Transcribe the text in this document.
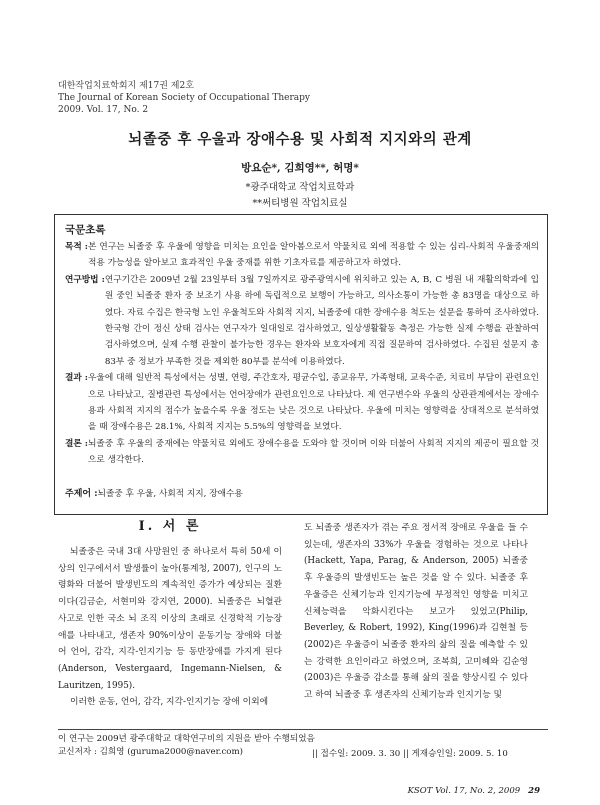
대한작업치료학회지 제17권 제2호
The Journal of Korean Society of Occupational Therapy
2009. Vol. 17, No. 2
뇌졸중 후 우울과 장애수용 및 사회적 지지와의 관계
방요순*, 김희영**, 허명*
*광주대학교 작업치료학과
**써티병원 작업치료실
국문초록
목적 : 본 연구는 뇌졸중 후 우울에 영향을 미치는 요인을 알아봄으로서 약물치료 외에 적용할 수 있는 심리-사회적 우울중재의 적용 가능성을 알아보고 효과적인 우울 중재를 위한 기초자료를 제공하고자 하였다.
연구방법 : 연구기간은 2009년 2월 23일부터 3월 7일까지로 광주광역시에 위치하고 있는 A, B, C 병원 내 재활의학과에 입원 중인 뇌졸중 환자 중 보조기 사용 하에 독립적으로 보행이 가능하고, 의사소통이 가능한 총 83명을 대상으로 하였다. 자료 수집은 한국형 노인 우울척도와 사회적 지지, 뇌졸중에 대한 장애수용 척도는 설문을 통하여 조사하였다. 한국형 간이 정신 상태 검사는 연구자가 일대일로 검사하였고, 일상생활활동 측정은 가능한 실제 수행을 관찰하여 검사하였으며, 실제 수행 관찰이 불가능한 경우는 환자와 보호자에게 직접 질문하여 검사하였다. 수집된 설문지 총 83부 중 정보가 부족한 것을 제외한 80부를 분석에 이용하였다.
결과 : 우울에 대해 일반적 특성에서는 성별, 연령, 주간호자, 평균수입, 종교유무, 가족형태, 교육수준, 치료비 부담이 관련요인으로 나타났고, 질병관련 특성에서는 언어장애가 관련요인으로 나타났다. 제 연구변수와 우울의 상관관계에서는 장애수용과 사회적 지지의 점수가 높을수록 우울 정도는 낮은 것으로 나타났다. 우울에 미치는 영향력을 상대적으로 분석하였을 때 장애수용은 28.1%, 사회적 지지는 5.5%의 영향력을 보였다.
결론 : 뇌졸중 후 우울의 중재에는 약물치료 외에도 장애수용을 도와야 할 것이며 이와 더불어 사회적 지지의 제공이 필요할 것으로 생각한다.
주제어 : 뇌졸중 후 우울, 사회적 지지, 장애수용
Ⅰ. 서 론

뇌졸중은 국내 3대 사망원인 중 하나로서 특히 50세 이상의 인구에서서 발생률이 높아(통계청, 2007), 인구의 노령화와 더불어 발생빈도의 계속적인 증가가 예상되는 질환이다(김금순, 서현미와 강지연, 2000). 뇌졸중은 뇌혈관 사고로 인한 국소 뇌 조직 이상의 초래로 신경학적 기능장애를 나타내고, 생존자 90%이상이 운동기능 장애와 더불어 언어, 감각, 지각-인지기능 등 동반장애를 가지게 된다(Anderson, Vestergaard, Ingemann-Nielsen, & Lauritzen, 1995).

이러한 운동, 언어, 감각, 지각-인지기능 장애 이외에

도 뇌졸중 생존자가 겪는 주요 정서적 장애로 우울을 들 수 있는데, 생존자의 33%가 우울을 경험하는 것으로 나타나(Hackett, Yapa, Parag, & Anderson, 2005) 뇌졸중 후 우울증의 발생빈도는 높은 것을 알 수 있다. 뇌졸중 후 우울증은 신체기능과 인지기능에 부정적인 영향을 미치고 신체능력을 악화시킨다는 보고가 있었고(Philip, Beverley, & Robert, 1992), King(1996)과 김현철 등(2002)은 우울증이 뇌졸중 환자의 삶의 질을 예측할 수 있는 강력한 요인이라고 하였으며, 조복희, 고미혜와 김순영(2003)은 우울증 감소를 통해 삶의 질을 향상시킬 수 있다고 하여 뇌졸중 후 생존자의 신체기능과 인지기능 및

이 연구는 2009년 광주대학교 대학연구비의 지원을 받아 수행되었음
교신저자 : 김희영 (guruma2000@naver.com)	|| 접수일: 2009. 3. 30 || 게재승인일: 2009. 5. 10
KSOT Vol. 17, No. 2, 2009 29
